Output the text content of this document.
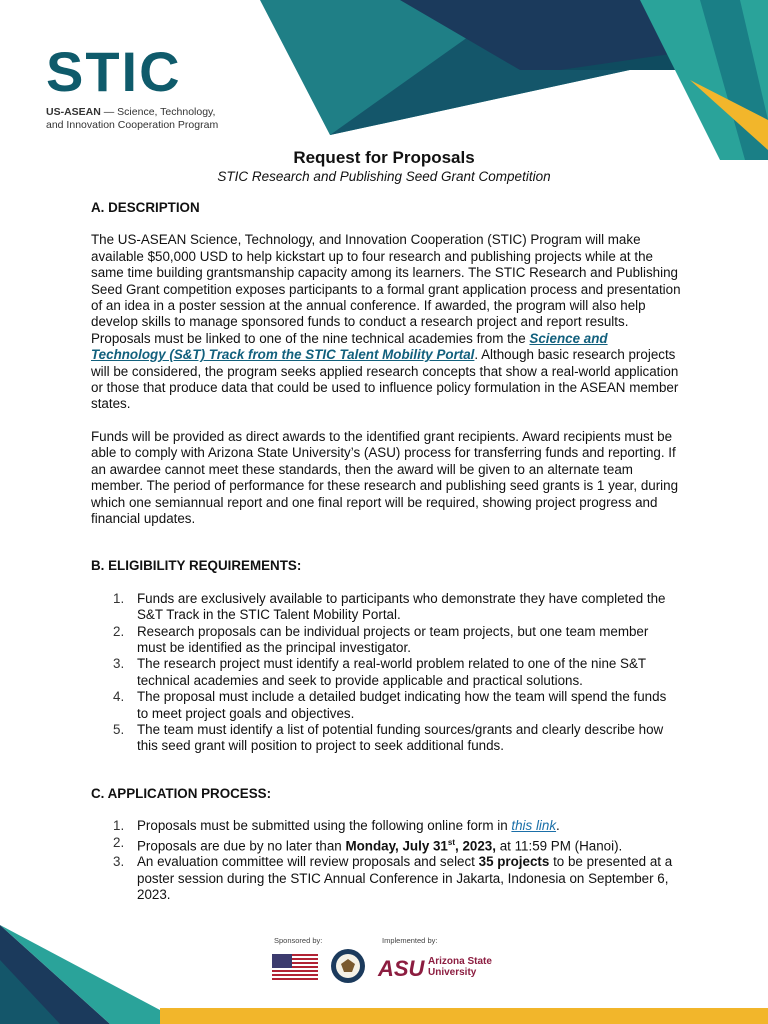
STIC
US-ASEAN — Science, Technology,
and Innovation Cooperation Program
Request for Proposals
STIC Research and Publishing Seed Grant Competition
A. DESCRIPTION

The US-ASEAN Science, Technology, and Innovation Cooperation (STIC) Program will make available $50,000 USD to help kickstart up to four research and publishing projects while at the same time building grantsmanship capacity among its learners. The STIC Research and Publishing Seed Grant competition exposes participants to a formal grant application process and presentation of an idea in a poster session at the annual conference. If awarded, the program will also help develop skills to manage sponsored funds to conduct a research project and report results. Proposals must be linked to one of the nine technical academies from the Science and Technology (S&T) Track from the STIC Talent Mobility Portal. Although basic research projects will be considered, the program seeks applied research concepts that show a real-world application or those that produce data that could be used to influence policy formulation in the ASEAN member states.

Funds will be provided as direct awards to the identified grant recipients. Award recipients must be able to comply with Arizona State University’s (ASU) process for transferring funds and reporting. If an awardee cannot meet these standards, then the award will be given to an alternate team member. The period of performance for these research and publishing seed grants is 1 year, during which one semiannual report and one final report will be required, showing project progress and financial updates.

B. ELIGIBILITY REQUIREMENTS:
1. Funds are exclusively available to participants who demonstrate they have completed the S&T Track in the STIC Talent Mobility Portal.
2. Research proposals can be individual projects or team projects, but one team member must be identified as the principal investigator.
3. The research project must identify a real-world problem related to one of the nine S&T technical academies and seek to provide applicable and practical solutions.
4. The proposal must include a detailed budget indicating how the team will spend the funds to meet project goals and objectives.
5. The team must identify a list of potential funding sources/grants and clearly describe how this seed grant will position to project to seek additional funds.
C. APPLICATION PROCESS:
1. Proposals must be submitted using the following online form in this link.
2. Proposals are due by no later than Monday, July 31st, 2023, at 11:59 PM (Hanoi).
3. An evaluation committee will review proposals and select 35 projects to be presented at a poster session during the STIC Annual Conference in Jakarta, Indonesia on September 6, 2023.
Sponsored by:	Implemented by:
ASU Arizona State
University
